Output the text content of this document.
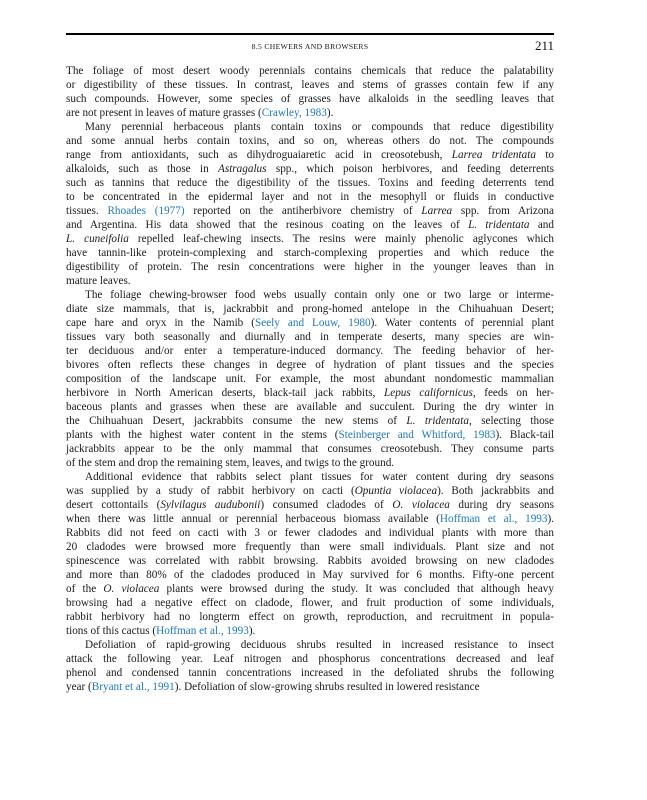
8.5 CHEWERS AND BROWSERS	211
The foliage of most desert woody perennials contains chemicals that reduce the palatability
or digestibility of these tissues. In contrast, leaves and stems of grasses contain few if any
such compounds. However, some species of grasses have alkaloids in the seedling leaves that
are not present in leaves of mature grasses (Crawley, 1983).
Many perennial herbaceous plants contain toxins or compounds that reduce digestibility
and some annual herbs contain toxins, and so on, whereas others do not. The compounds
range from antioxidants, such as dihydroguaiaretic acid in creosotebush, Larrea tridentata to
alkaloids, such as those in Astragalus spp., which poison herbivores, and feeding deterrents
such as tannins that reduce the digestibility of the tissues. Toxins and feeding deterrents tend
to be concentrated in the epidermal layer and not in the mesophyll or fluids in conductive
tissues. Rhoades (1977) reported on the antiherbivore chemistry of Larrea spp. from Arizona
and Argentina. His data showed that the resinous coating on the leaves of L. tridentata and
L. cuneifolia repelled leaf-chewing insects. The resins were mainly phenolic aglycones which
have tannin-like protein-complexing and starch-complexing properties and which reduce the
digestibility of protein. The resin concentrations were higher in the younger leaves than in
mature leaves.
The foliage chewing-browser food webs usually contain only one or two large or interme-
diate size mammals, that is, jackrabbit and prong-homed antelope in the Chihuahuan Desert;
cape hare and oryx in the Namib (Seely and Louw, 1980). Water contents of perennial plant
tissues vary both seasonally and diurnally and in temperate deserts, many species are win-
ter deciduous and/or enter a temperature-induced dormancy. The feeding behavior of her-
bivores often reflects these changes in degree of hydration of plant tissues and the species
composition of the landscape unit. For example, the most abundant nondomestic mammalian
herbivore in North American deserts, black-tail jack rabbits, Lepus californicus, feeds on her-
baceous plants and grasses when these are available and succulent. During the dry winter in
the Chihuahuan Desert, jackrabbits consume the new stems of L. tridentata, selecting those
plants with the highest water content in the stems (Steinberger and Whitford, 1983). Black-tail
jackrabbits appear to be the only mammal that consumes creosotebush. They consume parts
of the stem and drop the remaining stem, leaves, and twigs to the ground.
Additional evidence that rabbits select plant tissues for water content during dry seasons
was supplied by a study of rabbit herbivory on cacti (Opuntia violacea). Both jackrabbits and
desert cottontails (Sylvilagus audubonii) consumed cladodes of O. violacea during dry seasons
when there was little annual or perennial herbaceous biomass available (Hoffman et al., 1993).
Rabbits did not feed on cacti with 3 or fewer cladodes and individual plants with more than
20 cladodes were browsed more frequently than were small individuals. Plant size and not
spinescence was correlated with rabbit browsing. Rabbits avoided browsing on new cladodes
and more than 80% of the cladodes produced in May survived for 6 months. Fifty-one percent
of the O. violacea plants were browsed during the study. It was concluded that although heavy
browsing had a negative effect on cladode, flower, and fruit production of some individuals,
rabbit herbivory had no longterm effect on growth, reproduction, and recruitment in popula-
tions of this cactus (Hoffman et al., 1993).
Defoliation of rapid-growing deciduous shrubs resulted in increased resistance to insect
attack the following year. Leaf nitrogen and phosphorus concentrations decreased and leaf
phenol and condensed tannin concentrations increased in the defoliated shrubs the following
year (Bryant et al., 1991). Defoliation of slow-growing shrubs resulted in lowered resistance
